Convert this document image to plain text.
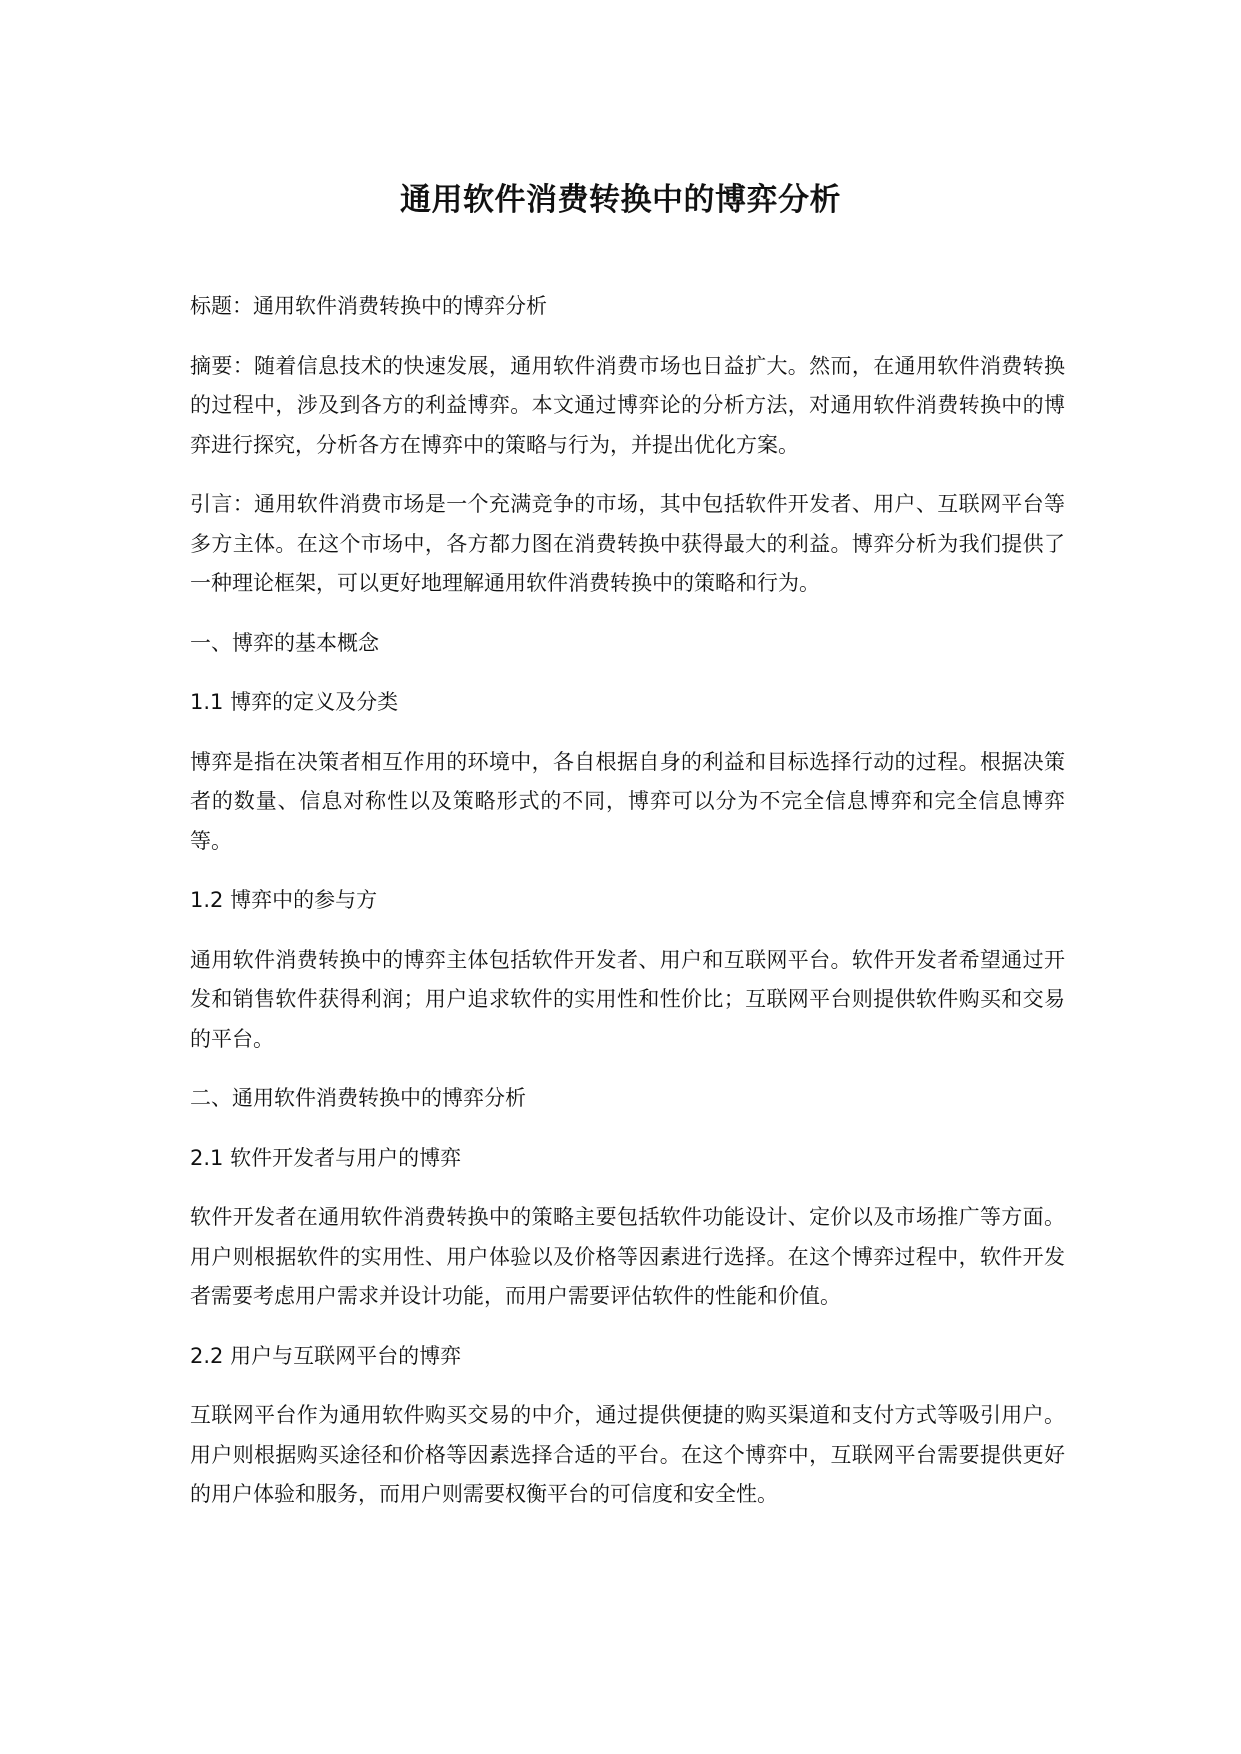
通用软件消费转换中的博弈分析

标题：通用软件消费转换中的博弈分析

摘要：随着信息技术的快速发展，通用软件消费市场也日益扩大。然而，在通用软件消费转换的过程中，涉及到各方的利益博弈。本文通过博弈论的分析方法，对通用软件消费转换中的博弈进行探究，分析各方在博弈中的策略与行为，并提出优化方案。

引言：通用软件消费市场是一个充满竞争的市场，其中包括软件开发者、用户、互联网平台等多方主体。在这个市场中，各方都力图在消费转换中获得最大的利益。博弈分析为我们提供了一种理论框架，可以更好地理解通用软件消费转换中的策略和行为。

一、博弈的基本概念

1.1 博弈的定义及分类

博弈是指在决策者相互作用的环境中，各自根据自身的利益和目标选择行动的过程。根据决策者的数量、信息对称性以及策略形式的不同，博弈可以分为不完全信息博弈和完全信息博弈等。

1.2 博弈中的参与方

通用软件消费转换中的博弈主体包括软件开发者、用户和互联网平台。软件开发者希望通过开发和销售软件获得利润；用户追求软件的实用性和性价比；互联网平台则提供软件购买和交易的平台。

二、通用软件消费转换中的博弈分析

2.1 软件开发者与用户的博弈

软件开发者在通用软件消费转换中的策略主要包括软件功能设计、定价以及市场推广等方面。用户则根据软件的实用性、用户体验以及价格等因素进行选择。在这个博弈过程中，软件开发者需要考虑用户需求并设计功能，而用户需要评估软件的性能和价值。

2.2 用户与互联网平台的博弈

互联网平台作为通用软件购买交易的中介，通过提供便捷的购买渠道和支付方式等吸引用户。用户则根据购买途径和价格等因素选择合适的平台。在这个博弈中，互联网平台需要提供更好的用户体验和服务，而用户则需要权衡平台的可信度和安全性。
